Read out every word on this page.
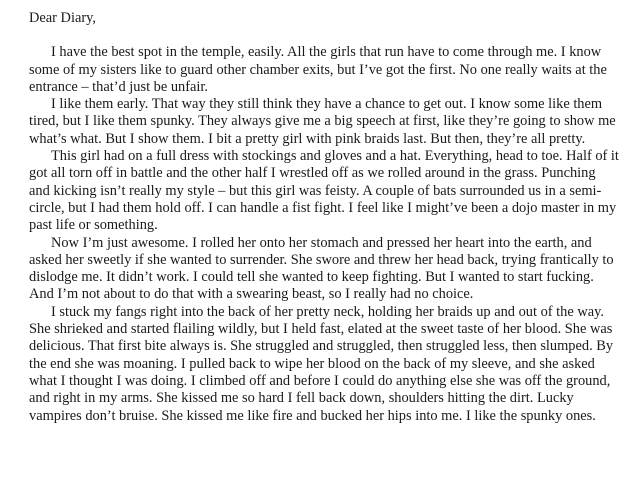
Dear Diary,

I have the best spot in the temple, easily. All the girls that run have to come through me. I know some of my sisters like to guard other chamber exits, but I’ve got the first. No one really waits at the entrance – that’d just be unfair.

I like them early. That way they still think they have a chance to get out. I know some like them tired, but I like them spunky. They always give me a big speech at first, like they’re going to show me what’s what. But I show them. I bit a pretty girl with pink braids last. But then, they’re all pretty.

This girl had on a full dress with stockings and gloves and a hat. Everything, head to toe. Half of it got all torn off in battle and the other half I wrestled off as we rolled around in the grass. Punching and kicking isn’t really my style – but this girl was feisty. A couple of bats surrounded us in a semi-circle, but I had them hold off. I can handle a fist fight. I feel like I might’ve been a dojo master in my past life or something.

Now I’m just awesome. I rolled her onto her stomach and pressed her heart into the earth, and asked her sweetly if she wanted to surrender. She swore and threw her head back, trying frantically to dislodge me. It didn’t work. I could tell she wanted to keep fighting. But I wanted to start fucking. And I’m not about to do that with a swearing beast, so I really had no choice.

I stuck my fangs right into the back of her pretty neck, holding her braids up and out of the way. She shrieked and started flailing wildly, but I held fast, elated at the sweet taste of her blood. She was delicious. That first bite always is. She struggled and struggled, then struggled less, then slumped. By the end she was moaning. I pulled back to wipe her blood on the back of my sleeve, and she asked what I thought I was doing. I climbed off and before I could do anything else she was off the ground, and right in my arms. She kissed me so hard I fell back down, shoulders hitting the dirt. Lucky vampires don’t bruise. She kissed me like fire and bucked her hips into me. I like the spunky ones.
